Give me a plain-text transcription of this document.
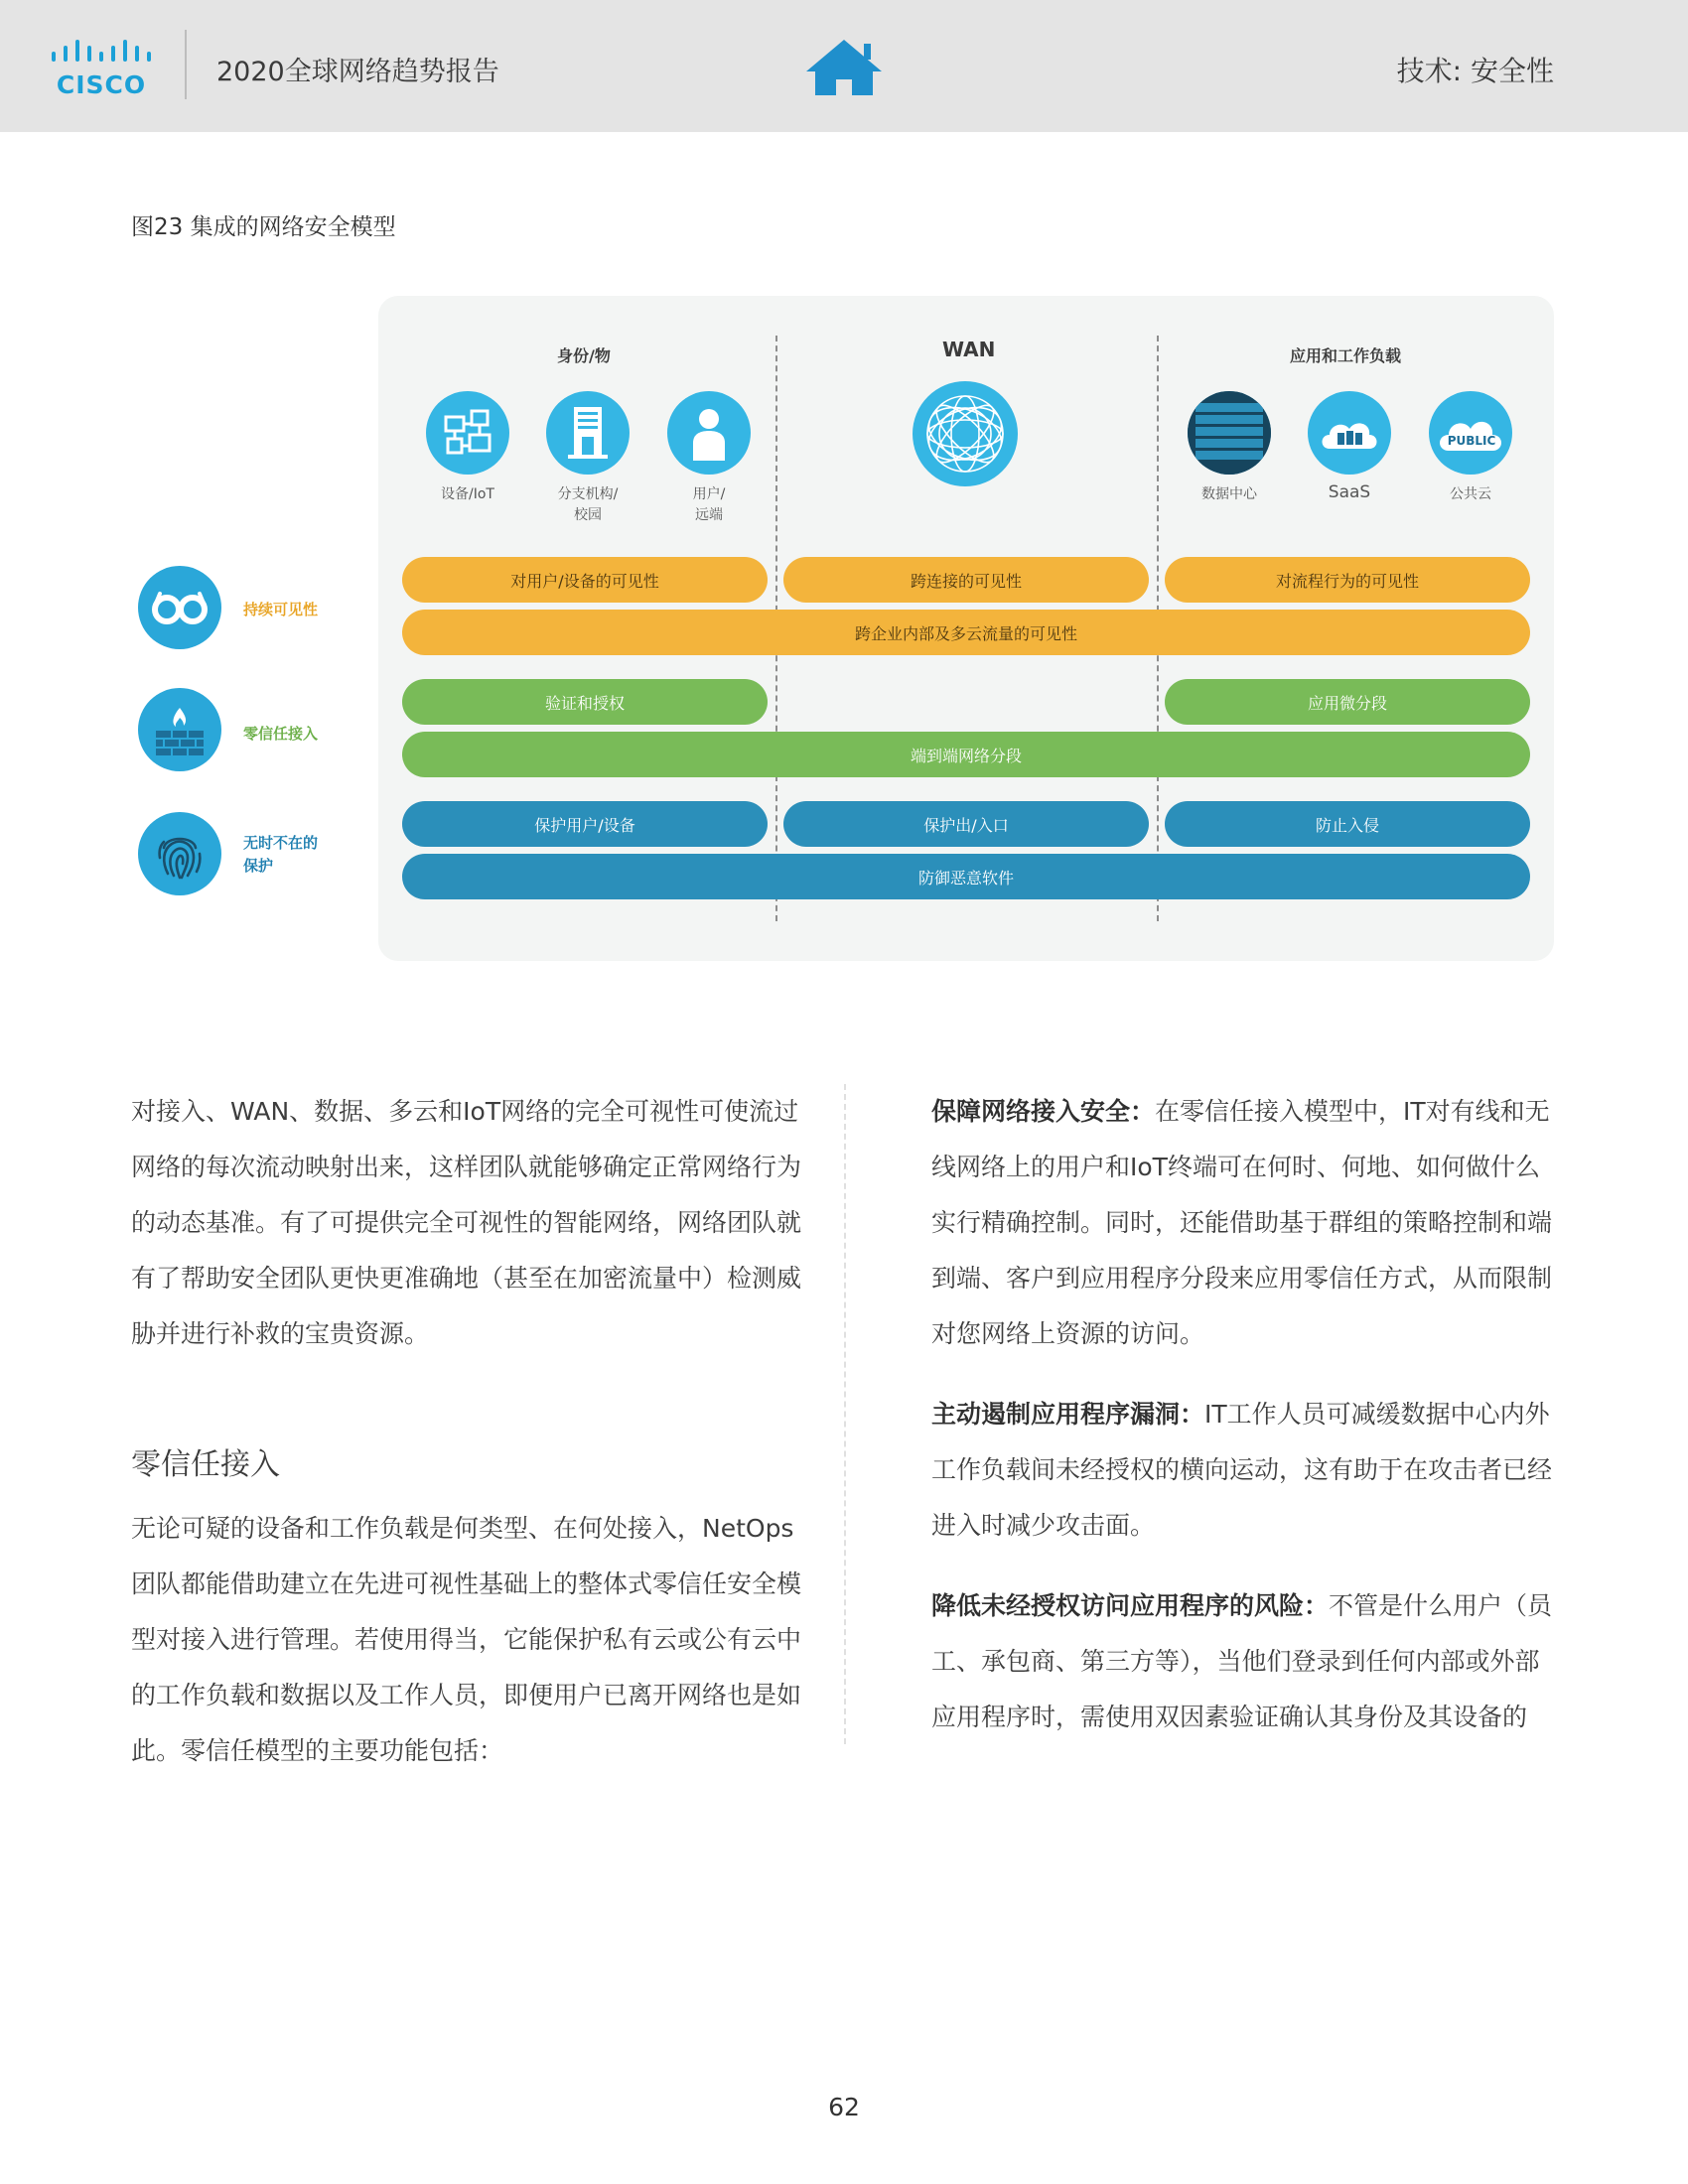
CISCO	2020全球网络趋势报告	技术: 安全性
图23 集成的网络安全模型
持续可见性
零信任接入
无时不在的
保护
身份/物	WAN	应用和工作负载
设备/IoT	分支机构/
校园
用户/
远端
PUBLIC
数据中心	SaaS	公共云
对用户/设备的可见性	跨连接的可见性	对流程行为的可见性
跨企业内部及多云流量的可见性
验证和授权	应用微分段
端到端网络分段
保护用户/设备	保护出/入口	防止入侵
防御恶意软件
对接入、WAN、数据、多云和IoT网络的完全可视性可使流过网络的每次流动映射出来，这样团队就能够确定正常网络行为的动态基准。有了可提供完全可视性的智能网络，网络团队就有了帮助安全团队更快更准确地（甚至在加密流量中）检测威胁并进行补救的宝贵资源。
零信任接入
无论可疑的设备和工作负载是何类型、在何处接入，NetOps团队都能借助建立在先进可视性基础上的整体式零信任安全模型对接入进行管理。若使用得当，它能保护私有云或公有云中的工作负载和数据以及工作人员，即便用户已离开网络也是如此。零信任模型的主要功能包括：

保障网络接入安全：在零信任接入模型中，IT对有线和无线网络上的用户和IoT终端可在何时、何地、如何做什么实行精确控制。同时，还能借助基于群组的策略控制和端到端、客户到应用程序分段来应用零信任方式，从而限制对您网络上资源的访问。

主动遏制应用程序漏洞：IT工作人员可减缓数据中心内外工作负载间未经授权的横向运动，这有助于在攻击者已经进入时减少攻击面。

降低未经授权访问应用程序的风险：不管是什么用户（员工、承包商、第三方等），当他们登录到任何内部或外部应用程序时，需使用双因素验证确认其身份及其设备的

62
